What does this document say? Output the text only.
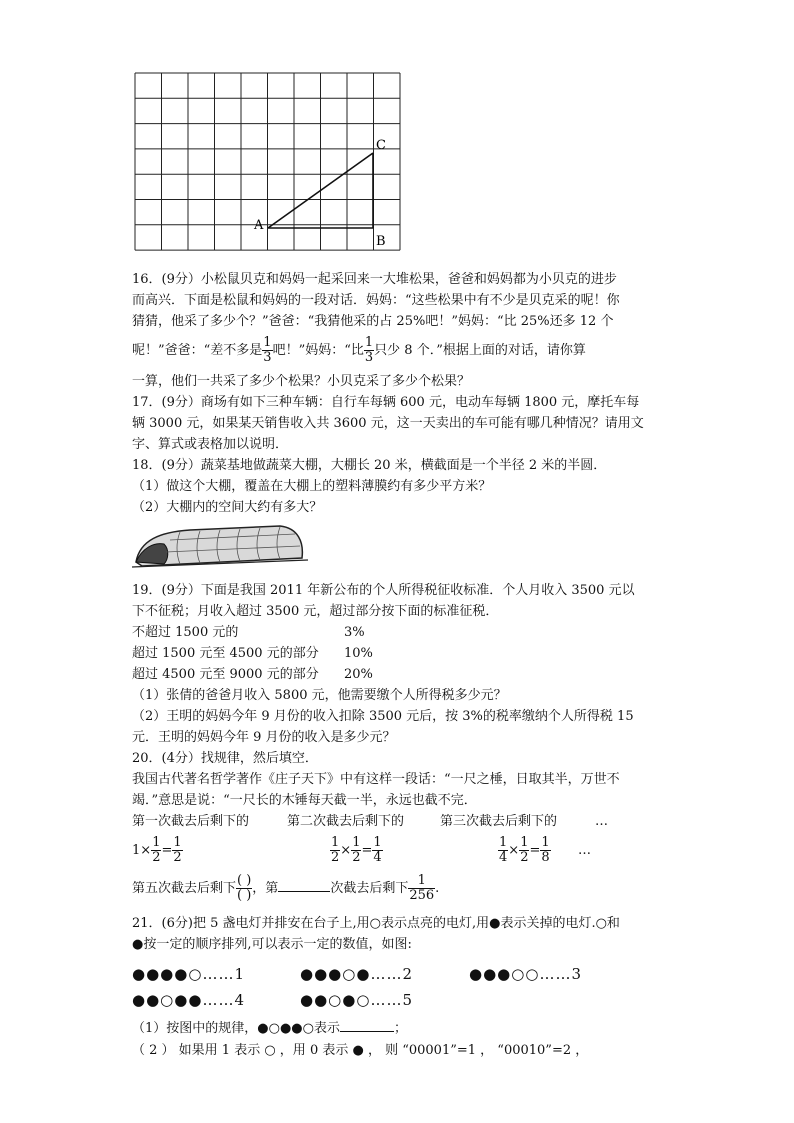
A
B
C
16．(9分）小松鼠贝克和妈妈一起采回来一大堆松果，爸爸和妈妈都为小贝克的进步
而高兴．下面是松鼠和妈妈的一段对话．妈妈：“这些松果中有不少是贝克采的呢！你
猜猜，他采了多少个？”爸爸：“我猜他采的占 25%吧！”妈妈：“比 25%还多 12 个
呢！”爸爸：“差不多是 $\frac{1}{3}$ 吧！”妈妈：“比 $\frac{1}{3}$ 只少 8 个．”根据上面的对话，请你算
一算，他们一共采了多少个松果？小贝克采了多少个松果？
17．(9分）商场有如下三种车辆：自行车每辆 600 元，电动车每辆 1800 元，摩托车每
辆 3000 元，如果某天销售收入共 3600 元，这一天卖出的车可能有哪几种情况？请用文
字、算式或表格加以说明．
18．(9分）蔬菜基地做蔬菜大棚，大棚长 20 米，横截面是一个半径 2 米的半圆．
（1）做这个大棚，覆盖在大棚上的塑料薄膜约有多少平方米？
（2）大棚内的空间大约有多大？
19．(9分）下面是我国 2011 年新公布的个人所得税征收标准．个人月收入 3500 元以
下不征税；月收入超过 3500 元，超过部分按下面的标准征税．
不超过 1500 元的	3%
超过 1500 元至 4500 元的部分 10%
超过 4500 元至 9000 元的部分 20%
（1）张倩的爸爸月收入 5800 元，他需要缴个人所得税多少元？
（2）王明的妈妈今年 9 月份的收入扣除 3500 元后，按 3%的税率缴纳个人所得税 15
元．王明的妈妈今年 9 月份的收入是多少元？
20．(4分）找规律，然后填空．
我国古代著名哲学著作《庄子天下》中有这样一段话：“一尺之棰，日取其半，万世不
竭．”意思是说：“一尺长的木锤每天截一半，永远也截不完．
第一次截去后剩下的	第二次截去后剩下的	第三次截去后剩下的	…
$1\times \frac{1}{2} = \frac{1}{2}$	$\frac{1}{2} \times \frac{1}{2} = \frac{1}{4}$	$\frac{1}{4} \times \frac{1}{2} = \frac{1}{8}$ …
第五次截去后剩下 $\frac{( )}{( )}$ ，第	次截去后剩下 $\frac{1}{256}$ .
21．(6分)把 5 盏电灯并排安在台子上,用○表示点亮的电灯,用●表示关掉的电灯.○和
●按一定的顺序排列,可以表示一定的数值，如图:
●●●●○……1	●●●○●……2	●●●○○……3
●●○●●……4	●●○●○……5
（1）按图中的规律，●○●●○表示	；
（ 2 ） 如果用 1 表示 ○ ，用 0 表示 ● ， 则 “00001”=1 ， “00010”=2 ，
